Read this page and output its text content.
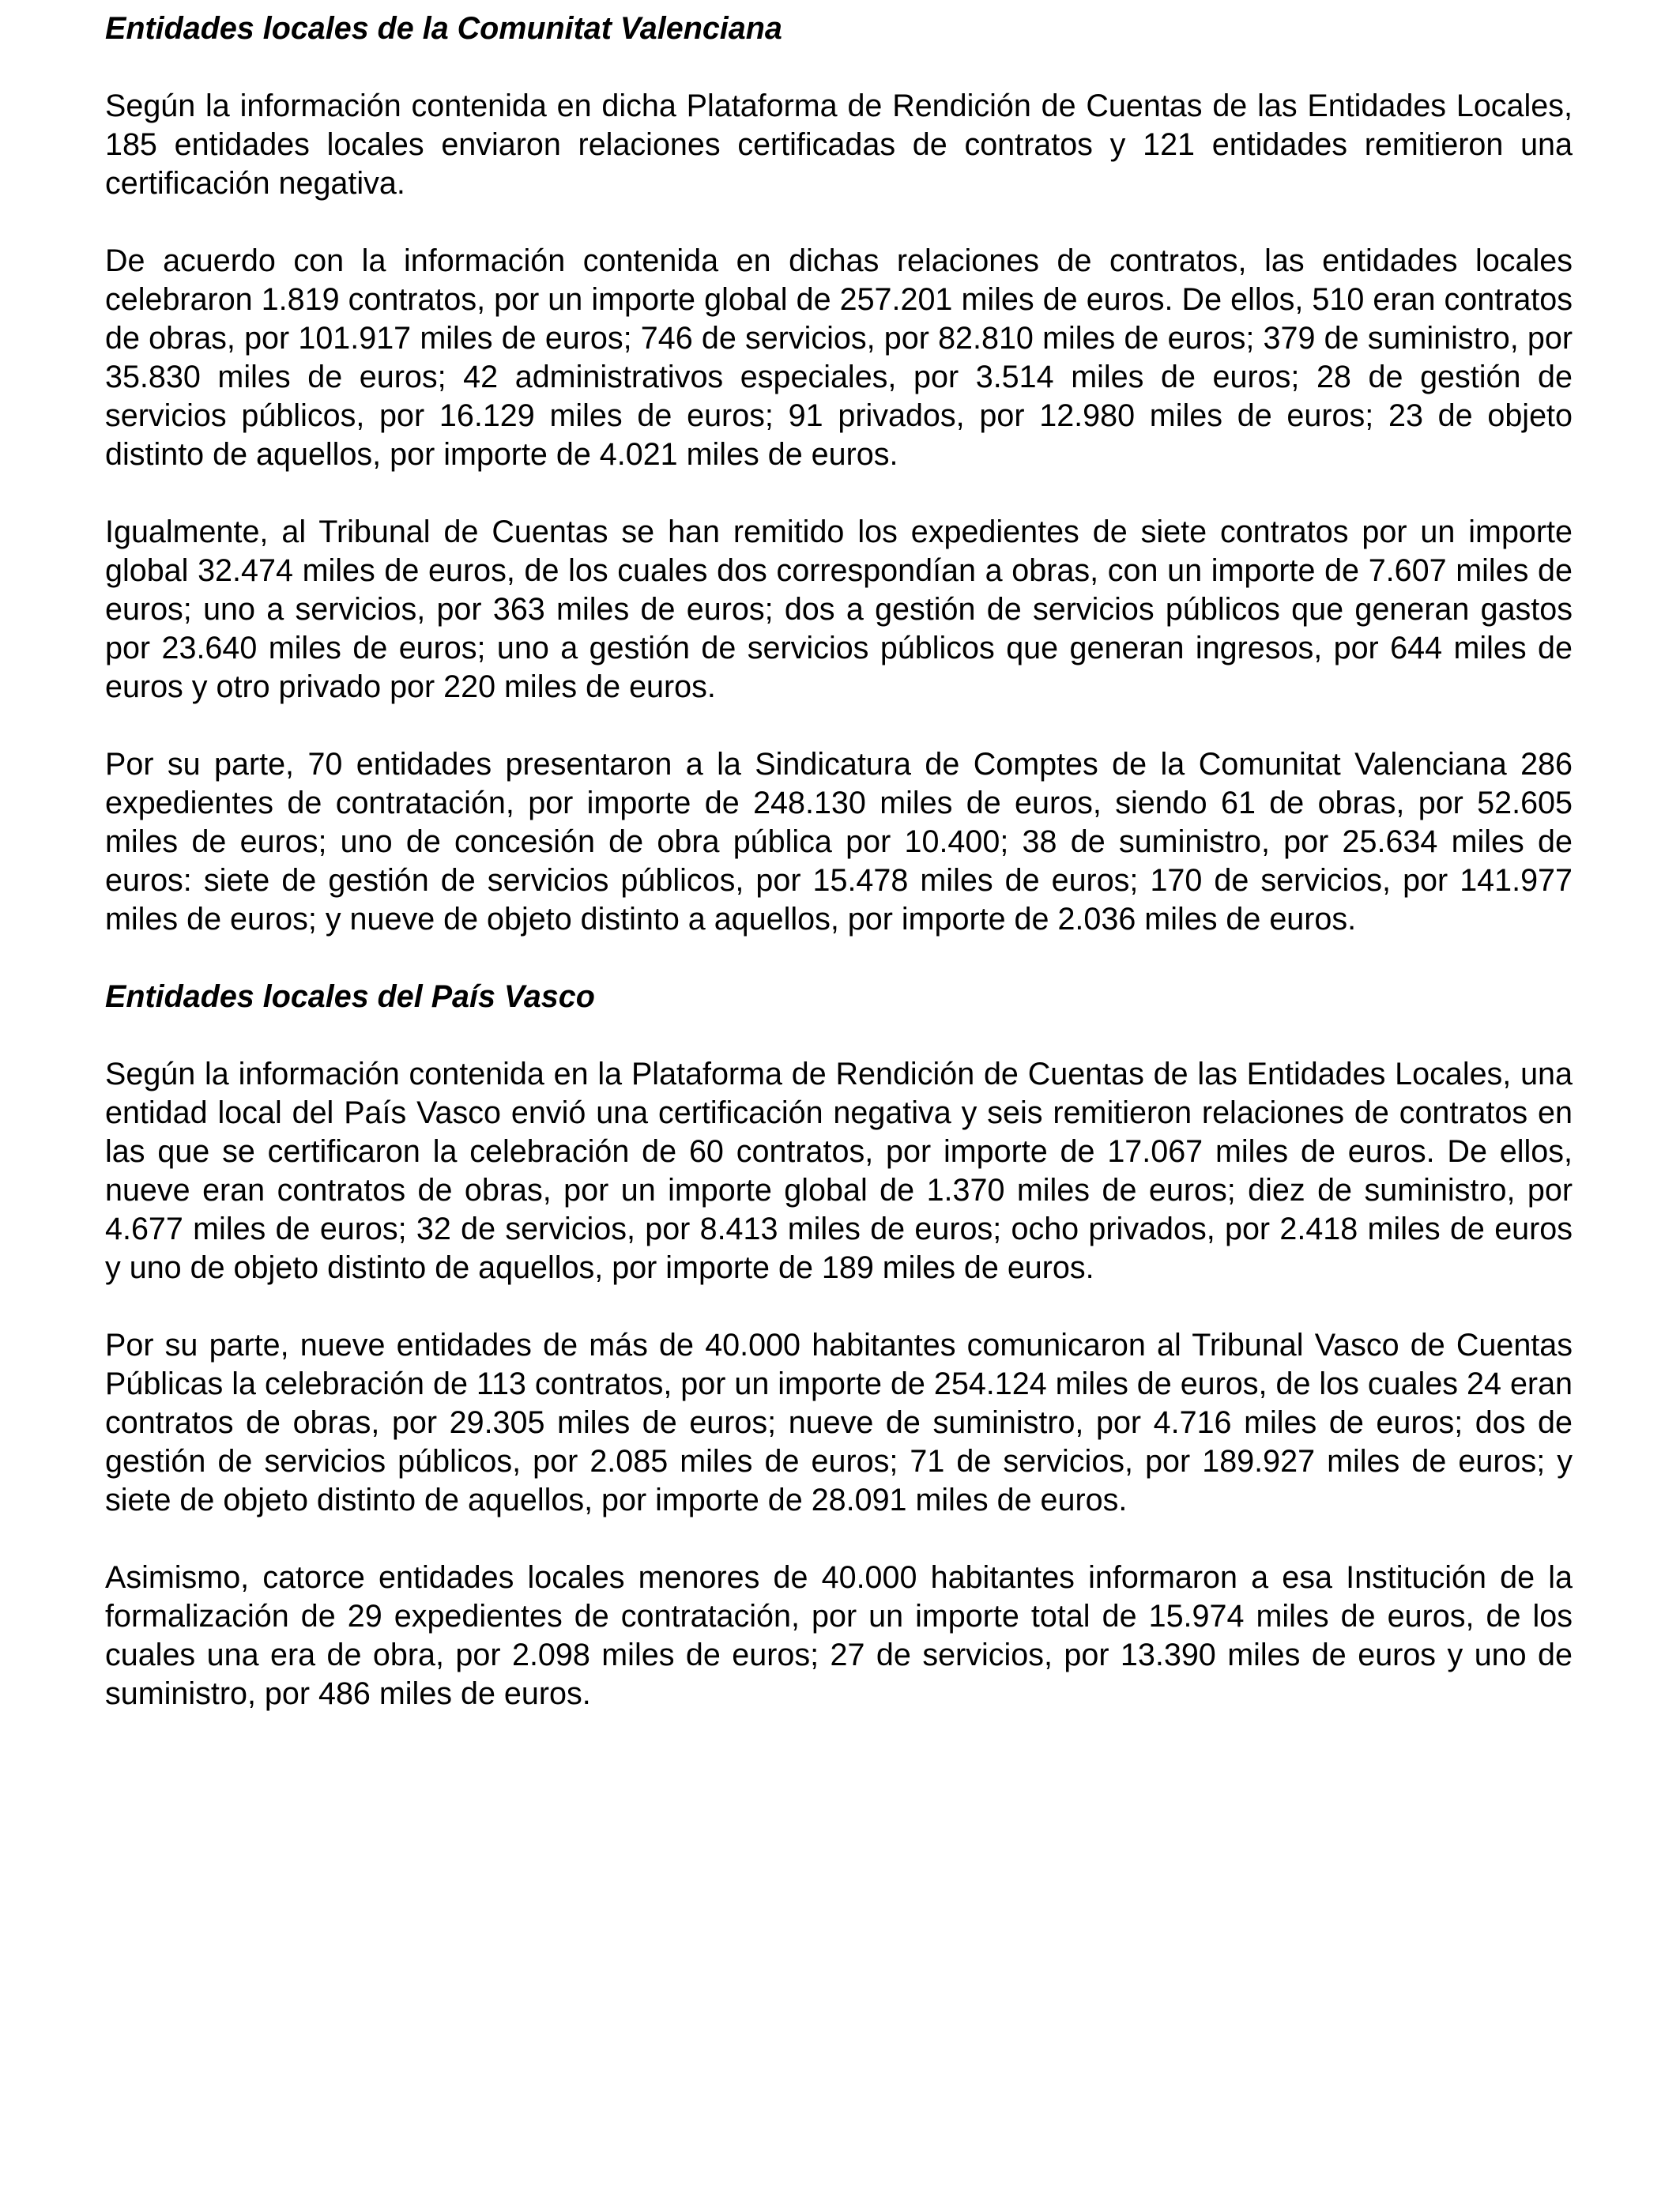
Entidades locales de la Comunitat Valenciana

Según la información contenida en dicha Plataforma de Rendición de Cuentas de las Entidades Locales, 185 entidades locales enviaron relaciones certificadas de contratos y 121 entidades remitieron una certificación negativa.

De acuerdo con la información contenida en dichas relaciones de contratos, las entidades locales celebraron 1.819 contratos, por un importe global de 257.201 miles de euros. De ellos, 510 eran contratos de obras, por 101.917 miles de euros; 746 de servicios, por 82.810 miles de euros; 379 de suministro, por 35.830 miles de euros; 42 administrativos especiales, por 3.514 miles de euros; 28 de gestión de servicios públicos, por 16.129 miles de euros; 91 privados, por 12.980 miles de euros; 23 de objeto distinto de aquellos, por importe de 4.021 miles de euros.

Igualmente, al Tribunal de Cuentas se han remitido los expedientes de siete contratos por un importe global 32.474 miles de euros, de los cuales dos correspondían a obras, con un importe de 7.607 miles de euros; uno a servicios, por 363 miles de euros; dos a gestión de servicios públicos que generan gastos por 23.640 miles de euros; uno a gestión de servicios públicos que generan ingresos, por 644 miles de euros y otro privado por 220 miles de euros.

Por su parte, 70 entidades presentaron a la Sindicatura de Comptes de la Comunitat Valenciana 286 expedientes de contratación, por importe de 248.130 miles de euros, siendo 61 de obras, por 52.605 miles de euros; uno de concesión de obra pública por 10.400; 38 de suministro, por 25.634 miles de euros: siete de gestión de servicios públicos, por 15.478 miles de euros; 170 de servicios, por 141.977 miles de euros; y nueve de objeto distinto a aquellos, por importe de 2.036 miles de euros.

Entidades locales del País Vasco

Según la información contenida en la Plataforma de Rendición de Cuentas de las Entidades Locales, una entidad local del País Vasco envió una certificación negativa y seis remitieron relaciones de contratos en las que se certificaron la celebración de 60 contratos, por importe de 17.067 miles de euros. De ellos, nueve eran contratos de obras, por un importe global de 1.370 miles de euros; diez de suministro, por 4.677 miles de euros; 32 de servicios, por 8.413 miles de euros; ocho privados, por 2.418 miles de euros y uno de objeto distinto de aquellos, por importe de 189 miles de euros.

Por su parte, nueve entidades de más de 40.000 habitantes comunicaron al Tribunal Vasco de Cuentas Públicas la celebración de 113 contratos, por un importe de 254.124 miles de euros, de los cuales 24 eran contratos de obras, por 29.305 miles de euros; nueve de suministro, por 4.716 miles de euros; dos de gestión de servicios públicos, por 2.085 miles de euros; 71 de servicios, por 189.927 miles de euros; y siete de objeto distinto de aquellos, por importe de 28.091 miles de euros.

Asimismo, catorce entidades locales menores de 40.000 habitantes informaron a esa Institución de la formalización de 29 expedientes de contratación, por un importe total de 15.974 miles de euros, de los cuales una era de obra, por 2.098 miles de euros; 27 de servicios, por 13.390 miles de euros y uno de suministro, por 486 miles de euros.
